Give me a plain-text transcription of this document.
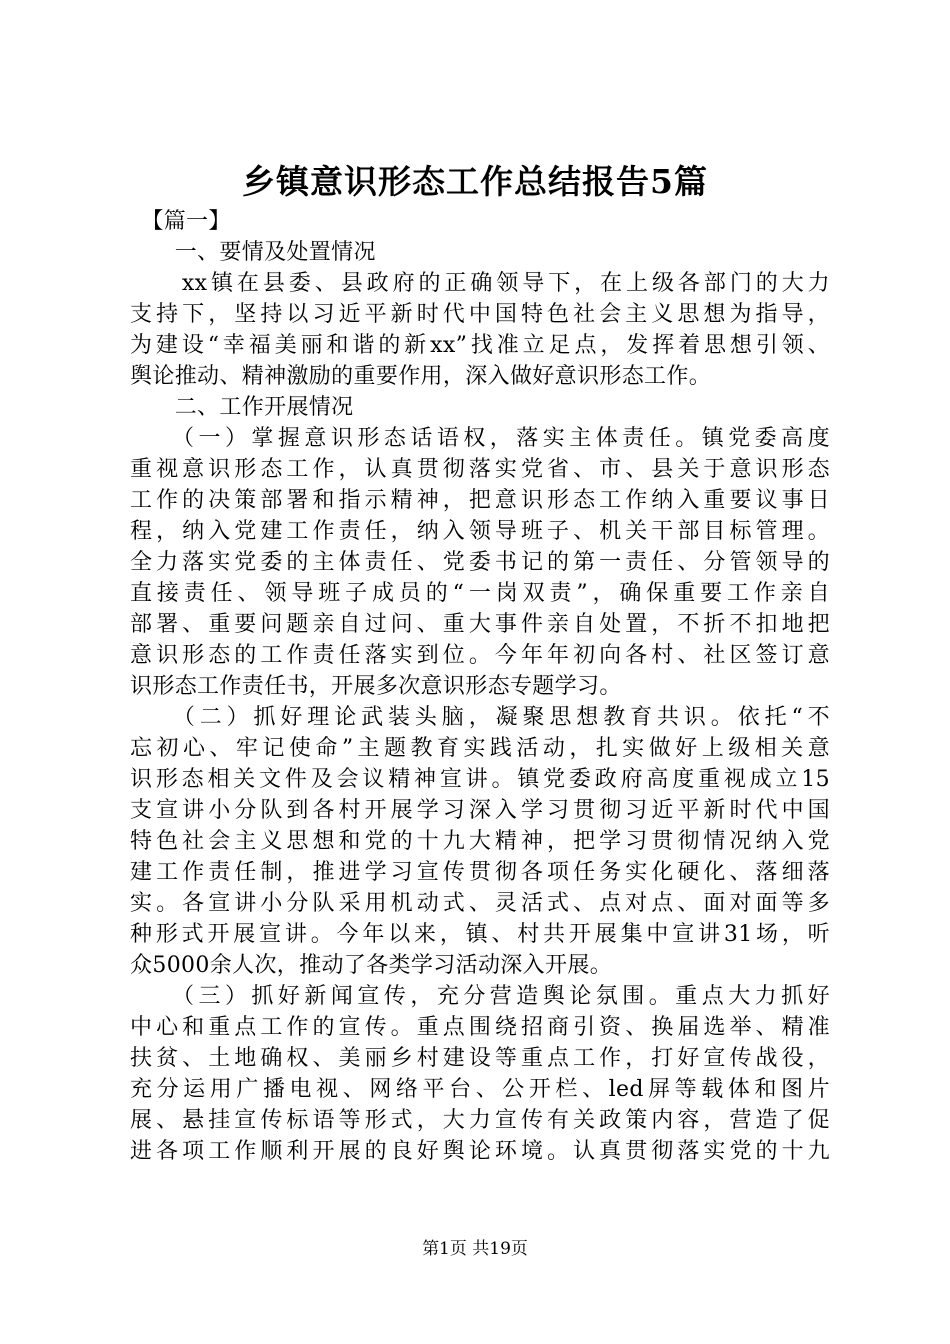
乡镇意识形态工作总结报告5篇
　【篇一】
　　一、要情及处置情况
　　xx镇在县委、县政府的正确领导下，在上级各部门的大力
支持下，坚持以习近平新时代中国特色社会主义思想为指导，
为建设“幸福美丽和谐的新xx”找准立足点，发挥着思想引领、
舆论推动、精神激励的重要作用，深入做好意识形态工作。
　　二、工作开展情况
　　（一）掌握意识形态话语权，落实主体责任。镇党委高度
重视意识形态工作，认真贯彻落实党省、市、县关于意识形态
工作的决策部署和指示精神，把意识形态工作纳入重要议事日
程，纳入党建工作责任，纳入领导班子、机关干部目标管理。
全力落实党委的主体责任、党委书记的第一责任、分管领导的
直接责任、领导班子成员的“一岗双责”，确保重要工作亲自
部署、重要问题亲自过问、重大事件亲自处置，不折不扣地把
意识形态的工作责任落实到位。今年年初向各村、社区签订意
识形态工作责任书，开展多次意识形态专题学习。
　　（二）抓好理论武装头脑，凝聚思想教育共识。依托“不
忘初心、牢记使命”主题教育实践活动，扎实做好上级相关意
识形态相关文件及会议精神宣讲。镇党委政府高度重视成立15
支宣讲小分队到各村开展学习深入学习贯彻习近平新时代中国
特色社会主义思想和党的十九大精神，把学习贯彻情况纳入党
建工作责任制，推进学习宣传贯彻各项任务实化硬化、落细落
实。各宣讲小分队采用机动式、灵活式、点对点、面对面等多
种形式开展宣讲。今年以来，镇、村共开展集中宣讲31场，听
众5000余人次，推动了各类学习活动深入开展。
　　（三）抓好新闻宣传，充分营造舆论氛围。重点大力抓好
中心和重点工作的宣传。重点围绕招商引资、换届选举、精准
扶贫、土地确权、美丽乡村建设等重点工作，打好宣传战役，
充分运用广播电视、网络平台、公开栏、led屏等载体和图片
展、悬挂宣传标语等形式，大力宣传有关政策内容，营造了促
进各项工作顺利开展的良好舆论环境。认真贯彻落实党的十九
第1页 共19页
